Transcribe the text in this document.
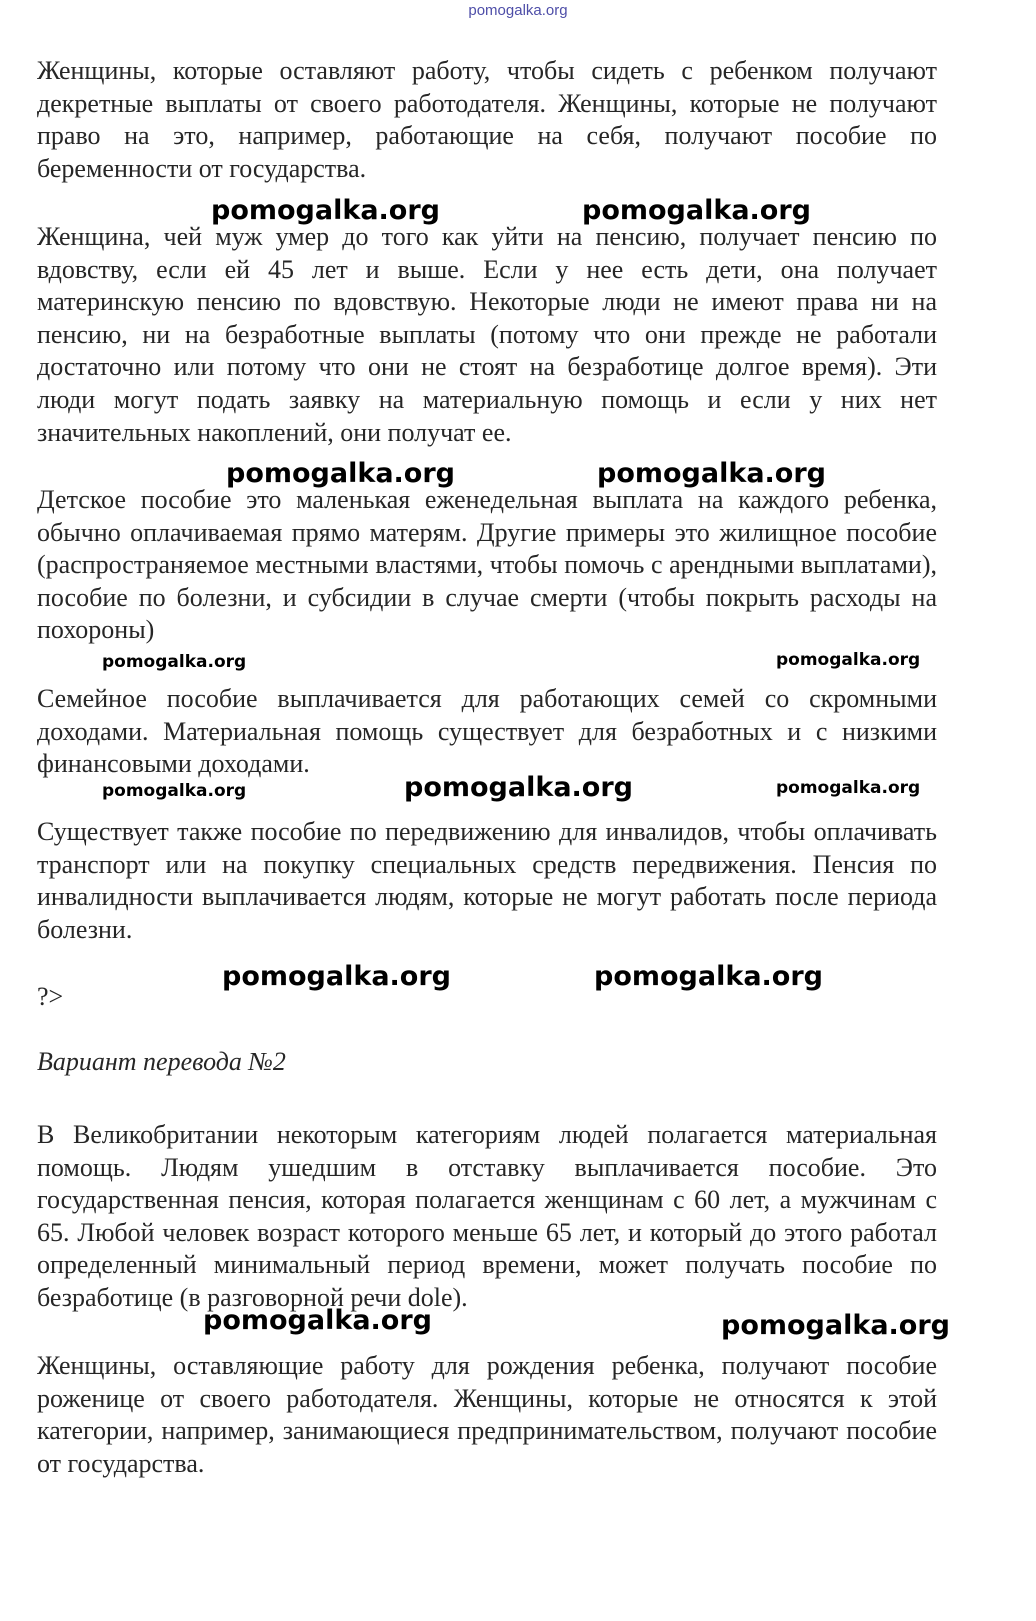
pomogalka.org

Женщины, которые оставляют работу, чтобы сидеть с ребенком получают декретные выплаты от своего работодателя. Женщины, которые не получают право на это, например, работающие на себя, получают пособие по беременности от государства.

Женщина, чей муж умер до того как уйти на пенсию, получает пенсию по вдовству, если ей 45 лет и выше. Если у нее есть дети, она получает материнскую пенсию по вдовствую. Некоторые люди не имеют права ни на пенсию, ни на безработные выплаты (потому что они прежде не работали достаточно или потому что они не стоят на безработице долгое время). Эти люди могут подать заявку на материальную помощь и если у них нет значительных накоплений, они получат ее.

Детское пособие это маленькая еженедельная выплата на каждого ребенка, обычно оплачиваемая прямо матерям. Другие примеры это жилищное пособие (распространяемое местными властями, чтобы помочь с арендными выплатами), пособие по болезни, и субсидии в случае смерти (чтобы покрыть расходы на похороны)

Семейное пособие выплачивается для работающих семей со скромными доходами. Материальная помощь существует для безработных и с низкими финансовыми доходами.

Существует также пособие по передвижению для инвалидов, чтобы оплачивать транспорт или на покупку специальных средств передвижения. Пенсия по инвалидности выплачивается людям, которые не могут работать после периода болезни.

?>

Вариант перевода №2

В Великобритании некоторым категориям людей полагается материальная помощь. Людям ушедшим в отставку выплачивается пособие. Это государственная пенсия, которая полагается женщинам с 60 лет, а мужчинам с 65. Любой человек возраст которого меньше 65 лет, и который до этого работал определенный минимальный период времени, может получать пособие по безработице (в разговорной речи dole).

Женщины, оставляющие работу для рождения ребенка, получают пособие роженице от своего работодателя. Женщины, которые не относятся к этой категории, например, занимающиеся предпринимательством, получают пособие от государства.

pomogalka.org	pomogalka.org
pomogalka.org	pomogalka.org
pomogalka.org	pomogalka.org
pomogalka.org	pomogalka.org	pomogalka.org
pomogalka.org	pomogalka.org
pomogalka.org	pomogalka.org
